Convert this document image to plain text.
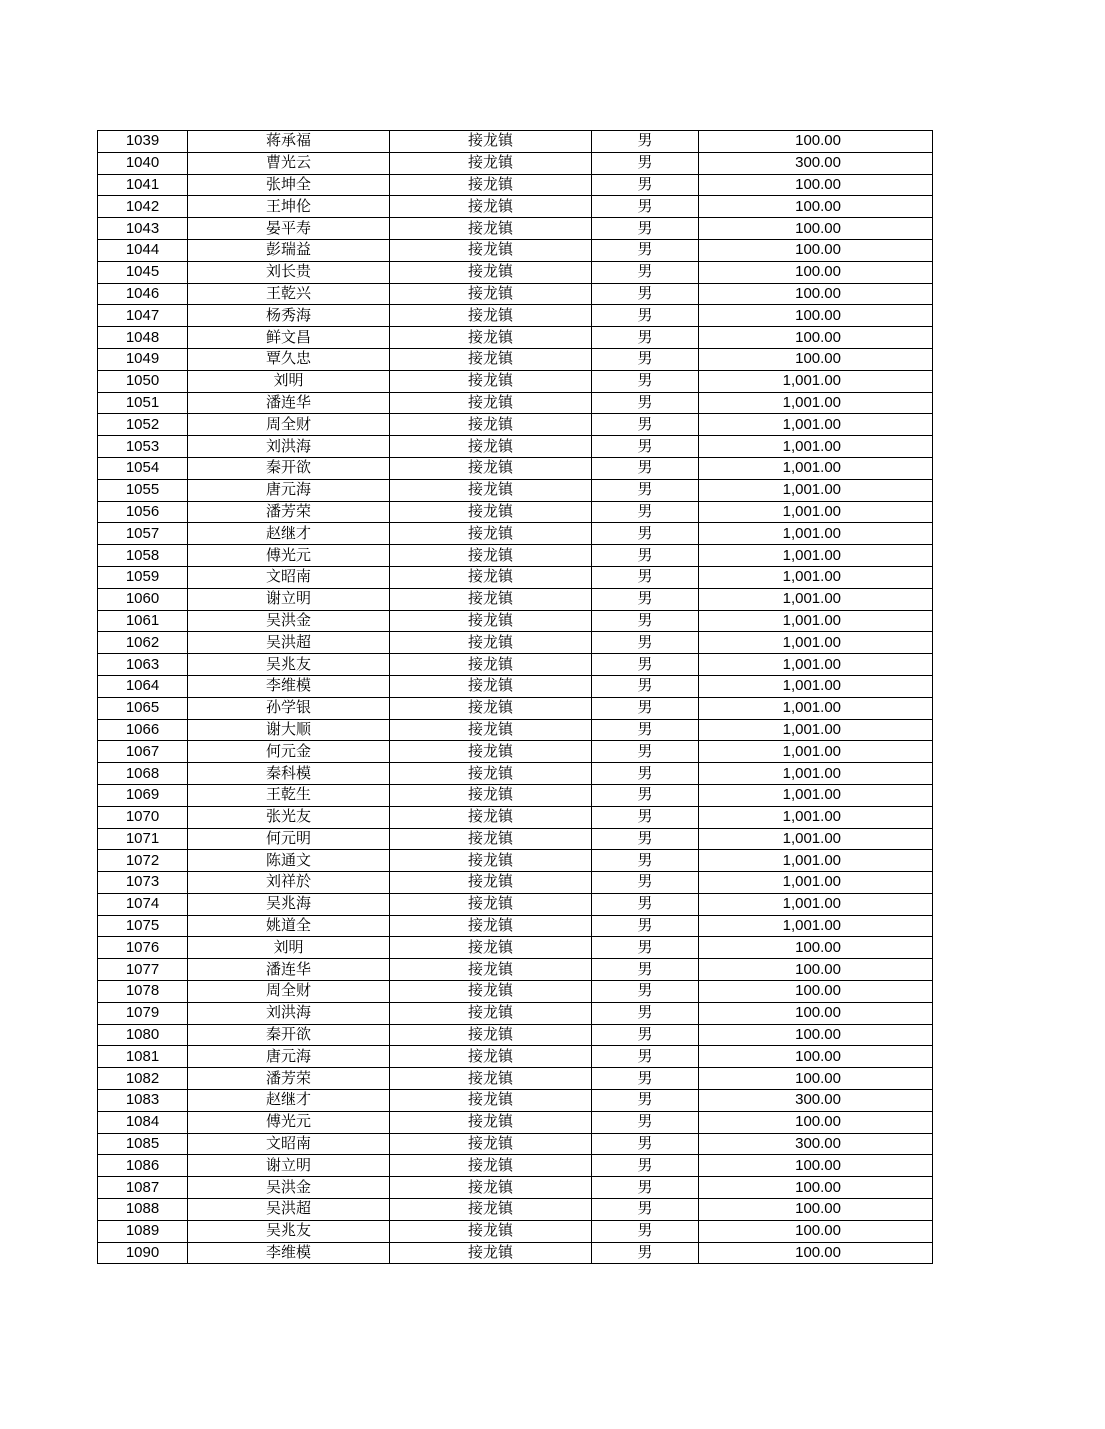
1039	蒋承福	接龙镇	男	100.00
1040	曹光云	接龙镇	男	300.00
1041	张坤全	接龙镇	男	100.00
1042	王坤伦	接龙镇	男	100.00
1043	晏平寿	接龙镇	男	100.00
1044	彭瑞益	接龙镇	男	100.00
1045	刘长贵	接龙镇	男	100.00
1046	王乾兴	接龙镇	男	100.00
1047	杨秀海	接龙镇	男	100.00
1048	鲜文昌	接龙镇	男	100.00
1049	覃久忠	接龙镇	男	100.00
1050	刘明	接龙镇	男	1,001.00
1051	潘连华	接龙镇	男	1,001.00
1052	周全财	接龙镇	男	1,001.00
1053	刘洪海	接龙镇	男	1,001.00
1054	秦开欲	接龙镇	男	1,001.00
1055	唐元海	接龙镇	男	1,001.00
1056	潘芳荣	接龙镇	男	1,001.00
1057	赵继才	接龙镇	男	1,001.00
1058	傅光元	接龙镇	男	1,001.00
1059	文昭南	接龙镇	男	1,001.00
1060	谢立明	接龙镇	男	1,001.00
1061	吴洪金	接龙镇	男	1,001.00
1062	吴洪超	接龙镇	男	1,001.00
1063	吴兆友	接龙镇	男	1,001.00
1064	李维模	接龙镇	男	1,001.00
1065	孙学银	接龙镇	男	1,001.00
1066	谢大顺	接龙镇	男	1,001.00
1067	何元金	接龙镇	男	1,001.00
1068	秦科模	接龙镇	男	1,001.00
1069	王乾生	接龙镇	男	1,001.00
1070	张光友	接龙镇	男	1,001.00
1071	何元明	接龙镇	男	1,001.00
1072	陈通文	接龙镇	男	1,001.00
1073	刘祥於	接龙镇	男	1,001.00
1074	吴兆海	接龙镇	男	1,001.00
1075	姚道全	接龙镇	男	1,001.00
1076	刘明	接龙镇	男	100.00
1077	潘连华	接龙镇	男	100.00
1078	周全财	接龙镇	男	100.00
1079	刘洪海	接龙镇	男	100.00
1080	秦开欲	接龙镇	男	100.00
1081	唐元海	接龙镇	男	100.00
1082	潘芳荣	接龙镇	男	100.00
1083	赵继才	接龙镇	男	300.00
1084	傅光元	接龙镇	男	100.00
1085	文昭南	接龙镇	男	300.00
1086	谢立明	接龙镇	男	100.00
1087	吴洪金	接龙镇	男	100.00
1088	吴洪超	接龙镇	男	100.00
1089	吴兆友	接龙镇	男	100.00
1090	李维模	接龙镇	男	100.00
